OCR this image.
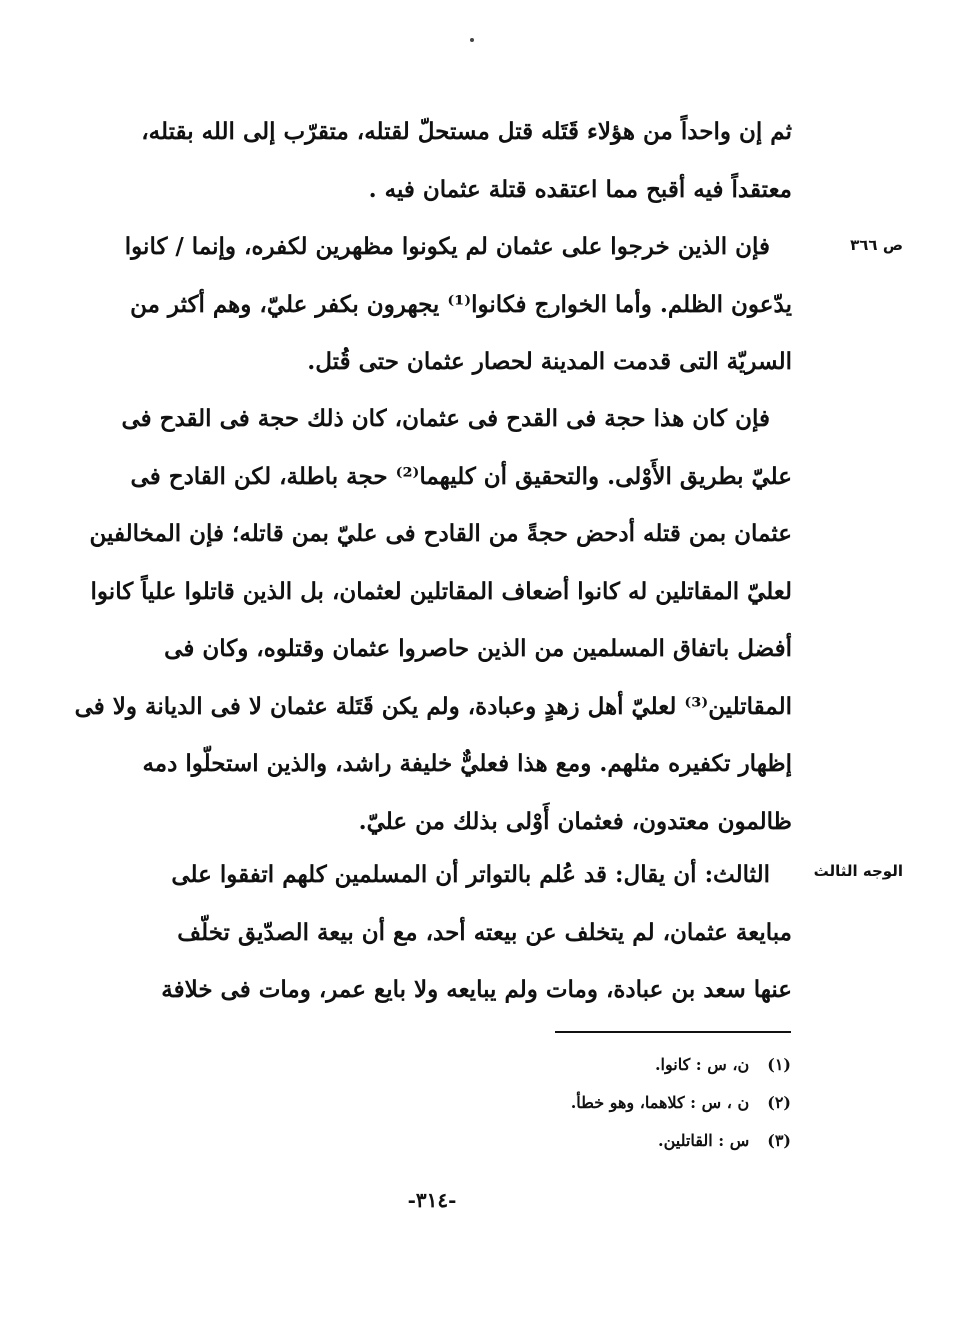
ص ٣٦٦
الوجه الثالث
ثم إن واحداً من هؤلاء قَتَله قتل مستحلّ لقتله، متقرّب إلى الله بقتله،
معتقداً فيه أقبح مما اعتقده قتلة عثمان فيه .
فإن الذين خرجوا على عثمان لم يكونوا مظهرين لكفره، وإنما / كانوا
يدّعون الظلم. وأما الخوارج فكانوا⁽¹⁾ يجهرون بكفر عليّ، وهم أكثر من
السريّة التى قدمت المدينة لحصار عثمان حتى قُتل.
فإن كان هذا حجة فى القدح فى عثمان، كان ذلك حجة فى القدح فى
عليّ بطريق الأَوْلى. والتحقيق أن كليهما⁽²⁾ حجة باطلة، لكن القادح فى
عثمان بمن قتله أدحض حجةً من القادح فى عليّ بمن قاتله؛ فإن المخالفين
لعليّ المقاتلين له كانوا أضعاف المقاتلين لعثمان، بل الذين قاتلوا علياً كانوا
أفضل باتفاق المسلمين من الذين حاصروا عثمان وقتلوه، وكان فى
المقاتلين⁽³⁾ لعليّ أهل زهدٍ وعبادة، ولم يكن قَتَلة عثمان لا فى الديانة ولا فى
إظهار تكفيره مثلهم. ومع هذا فعليٌّ خليفة راشد، والذين استحلّوا دمه
ظالمون معتدون، فعثمان أَوْلى بذلك من عليّ.
الثالث: أن يقال: قد عُلم بالتواتر أن المسلمين كلهم اتفقوا على
مبايعة عثمان، لم يتخلف عن بيعته أحد، مع أن بيعة الصدّيق تخلّف
عنها سعد بن عبادة، ومات ولم يبايعه ولا بايع عمر، ومات فى خلافة
(١)ن، س : كانوا.
(٢)ن ، س : كلاهما، وهو خطأ.
(٣)س : القاتلين.
-٣١٤-
